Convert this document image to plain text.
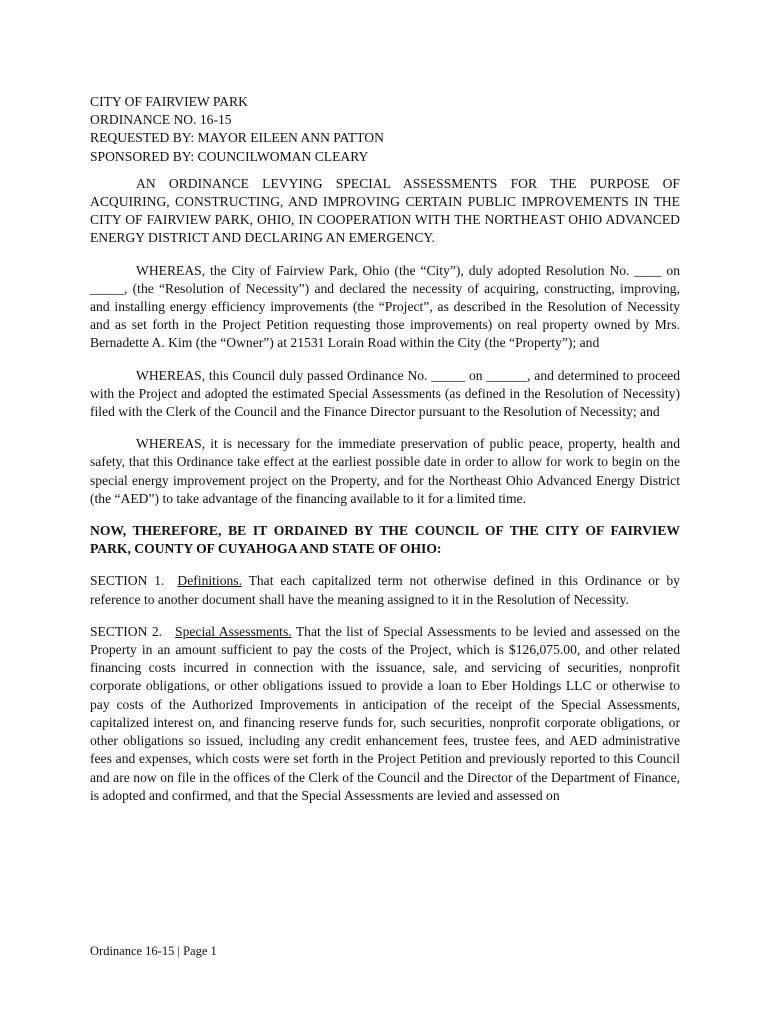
CITY OF FAIRVIEW PARK

ORDINANCE NO. 16-15

REQUESTED BY: MAYOR EILEEN ANN PATTON

SPONSORED BY: COUNCILWOMAN CLEARY

AN ORDINANCE LEVYING SPECIAL ASSESSMENTS FOR THE PURPOSE OF ACQUIRING, CONSTRUCTING, AND IMPROVING CERTAIN PUBLIC IMPROVEMENTS IN THE CITY OF FAIRVIEW PARK, OHIO, IN COOPERATION WITH THE NORTHEAST OHIO ADVANCED ENERGY DISTRICT AND DECLARING AN EMERGENCY.

WHEREAS, the City of Fairview Park, Ohio (the “City”), duly adopted Resolution No. ____ on _____, (the “Resolution of Necessity”) and declared the necessity of acquiring, constructing, improving, and installing energy efficiency improvements (the “Project”, as described in the Resolution of Necessity and as set forth in the Project Petition requesting those improvements) on real property owned by Mrs. Bernadette A. Kim (the “Owner”) at 21531 Lorain Road within the City (the “Property”); and

WHEREAS, this Council duly passed Ordinance No. _____ on ______, and determined to proceed with the Project and adopted the estimated Special Assessments (as defined in the Resolution of Necessity) filed with the Clerk of the Council and the Finance Director pursuant to the Resolution of Necessity; and

WHEREAS, it is necessary for the immediate preservation of public peace, property, health and safety, that this Ordinance take effect at the earliest possible date in order to allow for work to begin on the special energy improvement project on the Property, and for the Northeast Ohio Advanced Energy District (the “AED”) to take advantage of the financing available to it for a limited time.

NOW, THEREFORE, BE IT ORDAINED BY THE COUNCIL OF THE CITY OF FAIRVIEW PARK, COUNTY OF CUYAHOGA AND STATE OF OHIO:

SECTION 1. Definitions. That each capitalized term not otherwise defined in this Ordinance or by reference to another document shall have the meaning assigned to it in the Resolution of Necessity.

SECTION 2. Special Assessments. That the list of Special Assessments to be levied and assessed on the Property in an amount sufficient to pay the costs of the Project, which is $126,075.00, and other related financing costs incurred in connection with the issuance, sale, and servicing of securities, nonprofit corporate obligations, or other obligations issued to provide a loan to Eber Holdings LLC or otherwise to pay costs of the Authorized Improvements in anticipation of the receipt of the Special Assessments, capitalized interest on, and financing reserve funds for, such securities, nonprofit corporate obligations, or other obligations so issued, including any credit enhancement fees, trustee fees, and AED administrative fees and expenses, which costs were set forth in the Project Petition and previously reported to this Council and are now on file in the offices of the Clerk of the Council and the Director of the Department of Finance, is adopted and confirmed, and that the Special Assessments are levied and assessed on

Ordinance 16-15 | Page 1
